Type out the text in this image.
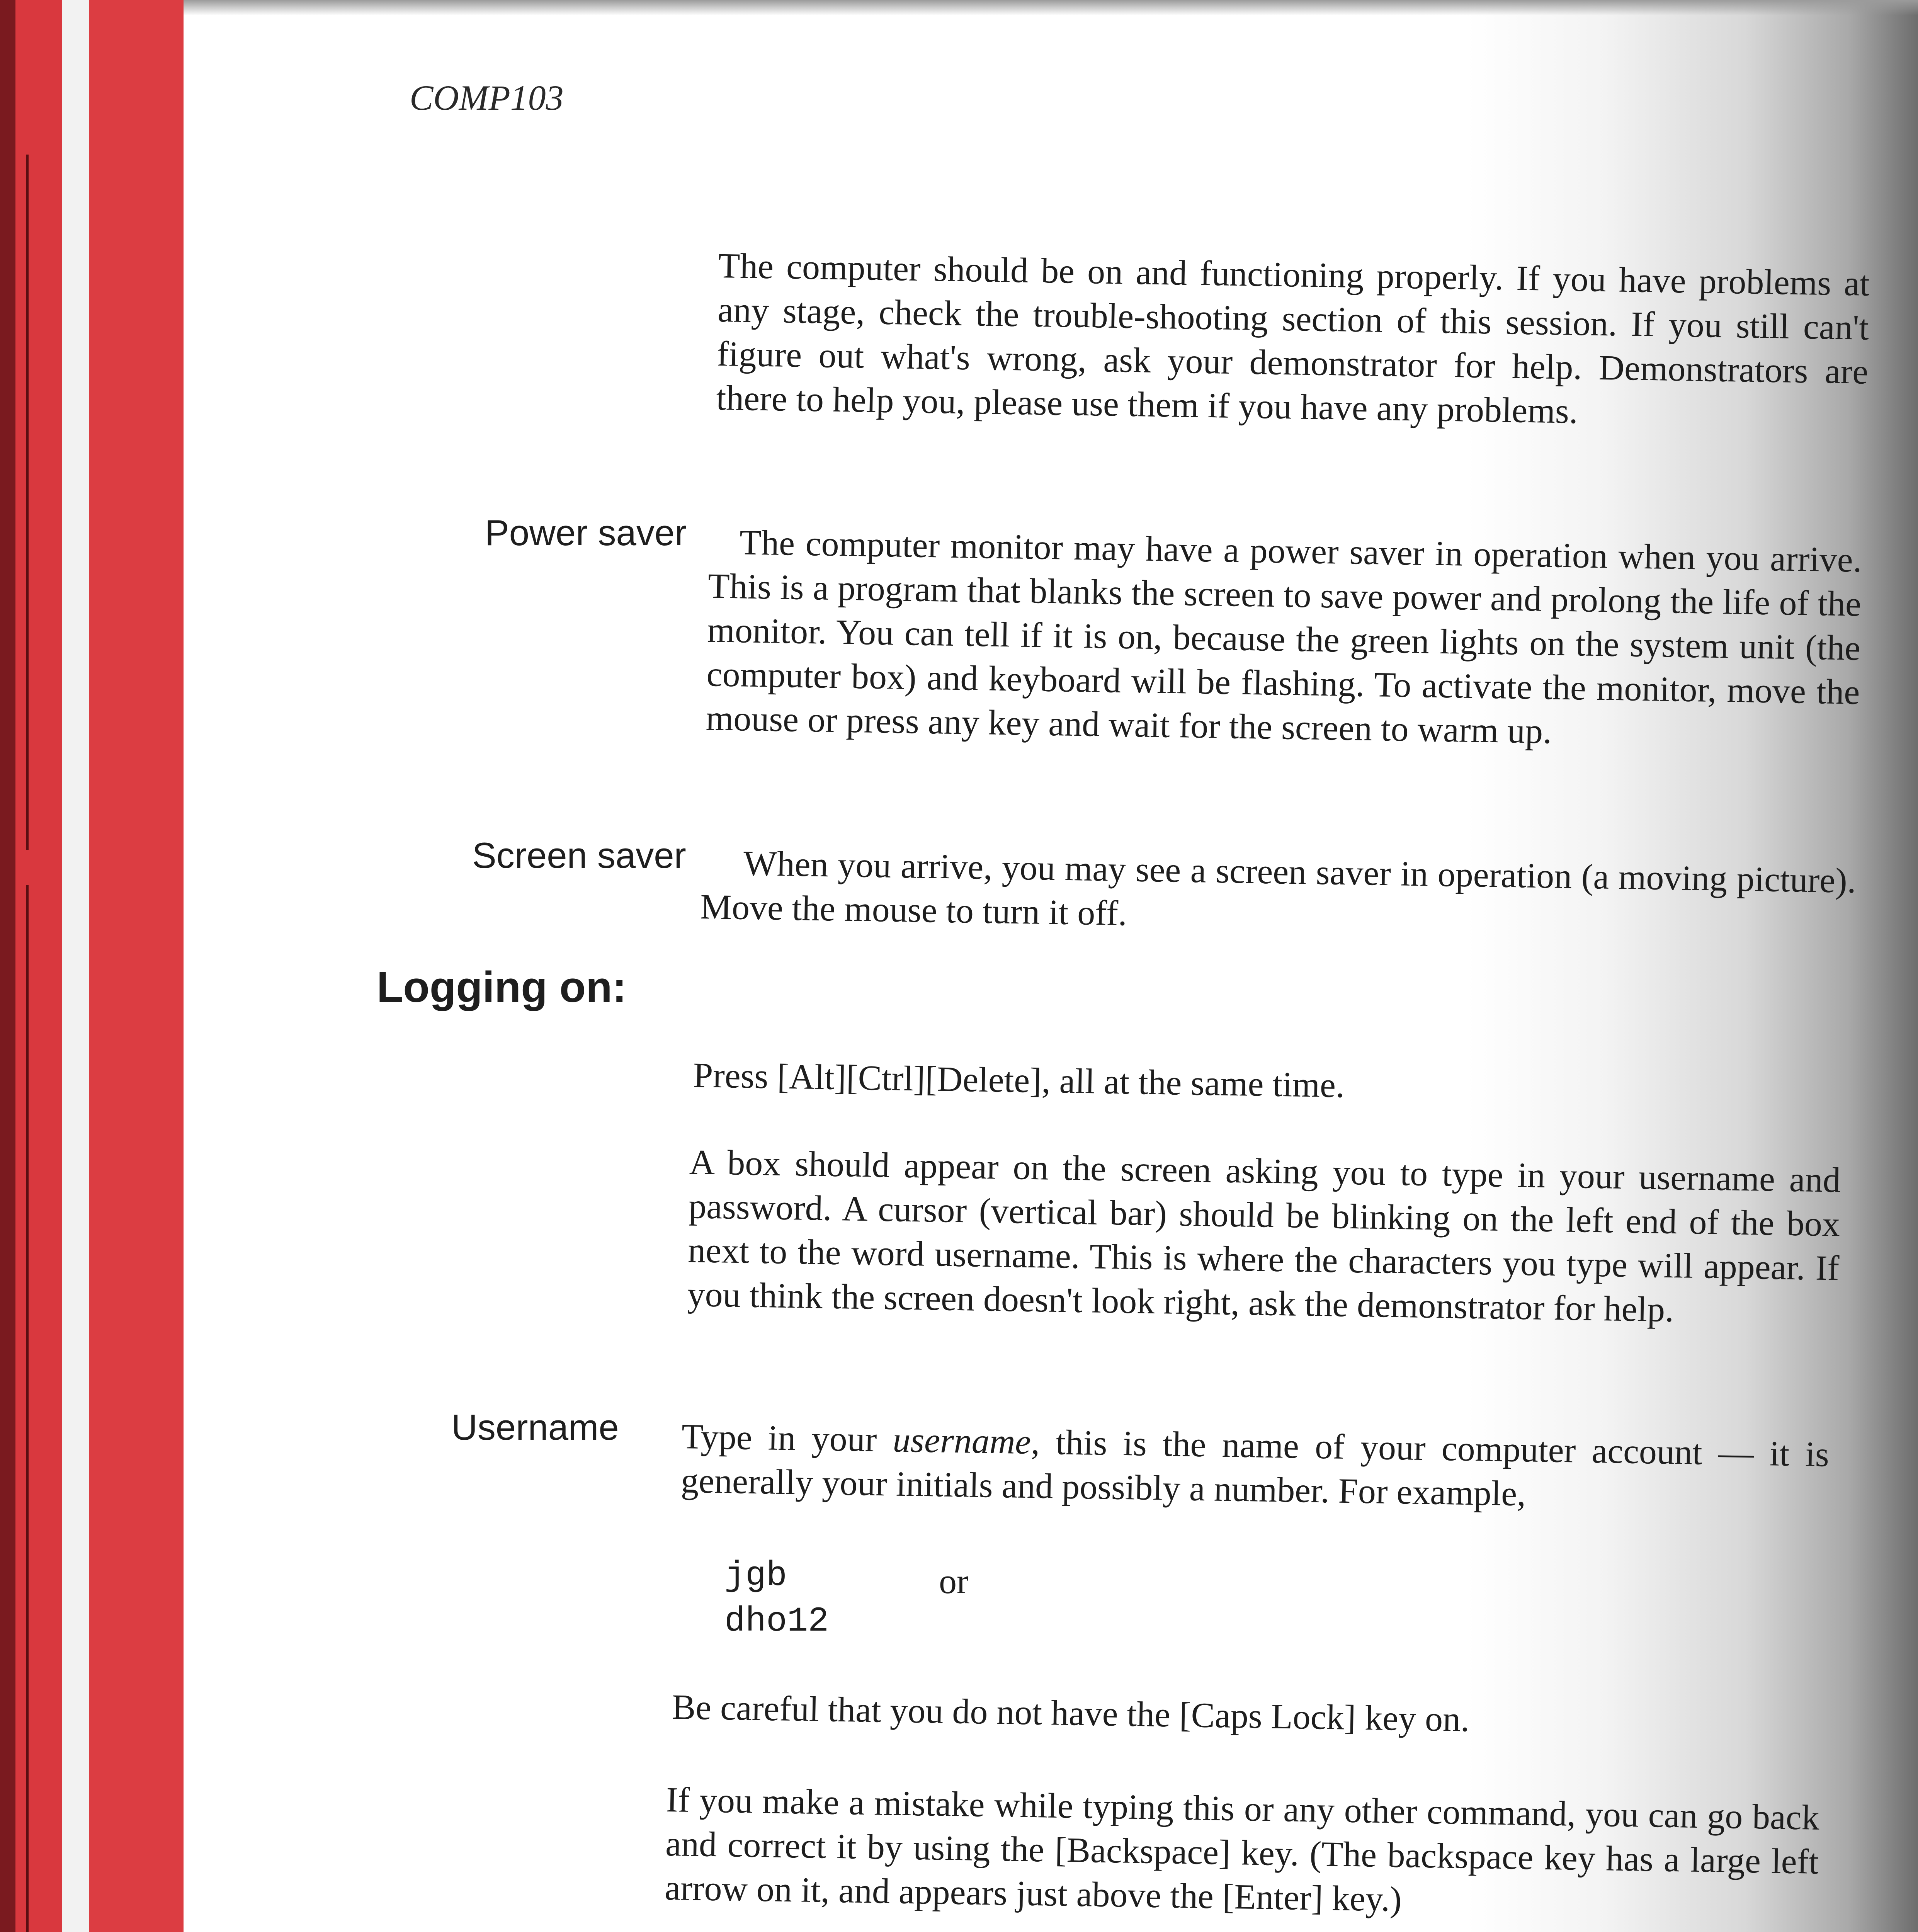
COMP103

The computer should be on and functioning properly. If you have problems at any stage, check the trouble-shooting section of this session. If you still can't figure out what's wrong, ask your demonstrator for help. Demonstrators are there to help you, please use them if you have any problems.

Power saver	The computer monitor may have a power saver in operation when you arrive. This is a program that blanks the screen to save power and prolong the life of the monitor. You can tell if it is on, because the green lights on the system unit (the computer box) and keyboard will be flashing. To activate the monitor, move the mouse or press any key and wait for the screen to warm up.

Screen saver	When you arrive, you may see a screen saver in operation (a moving picture). Move the mouse to turn it off.

Logging on:

Press [Alt][Ctrl][Delete], all at the same time.

A box should appear on the screen asking you to type in your username and password. A cursor (vertical bar) should be blinking on the left end of the box next to the word username. This is where the characters you type will appear. If you think the screen doesn't look right, ask the demonstrator for help.

Username Type in your username, this is the name of your computer account — it is generally your initials and possibly a number. For example,

jgb	or
dho12

Be careful that you do not have the [Caps Lock] key on.

If you make a mistake while typing this or any other command, you can go back and correct it by using the [Backspace] key. (The backspace key has a large left arrow on it, and appears just above the [Enter] key.)
